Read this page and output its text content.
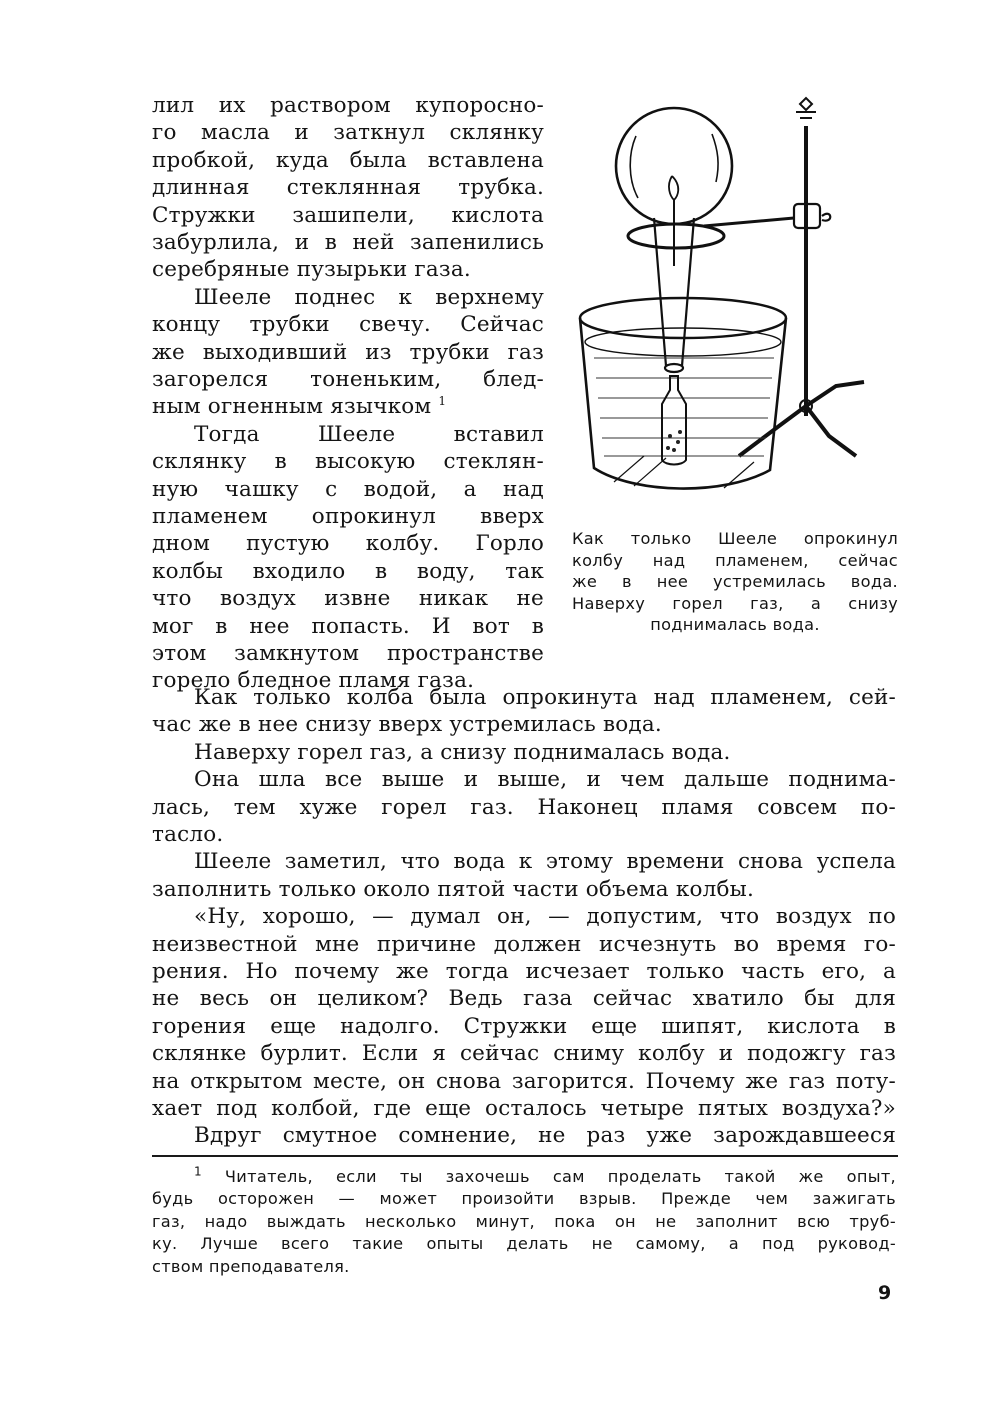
лил их раствором купоросно-
го масла и заткнул склянку
пробкой, куда была вставлена
длинная стеклянная трубка.
Стружки зашипели, кислота
забурлила, и в ней запенились
серебряные пузырьки газа.
Шееле поднес к верхнему
концу трубки свечу. Сейчас
же выходивший из трубки газ
загорелся тоненьким, блед-
ным огненным язычком $^1$
Тогда Шееле вставил
склянку в высокую стеклян-
ную чашку с водой, а над
пламенем опрокинул вверх
дном пустую колбу. Горло
колбы входило в воду, так
что воздух извне никак не
мог в нее попасть. И вот в
этом замкнутом пространстве
горело бледное пламя газа.
Как только Шееле опрокинул
колбу над пламенем, сейчас
же в нее устремилась вода.
Наверху горел газ, а снизу
поднималась вода.
Как только колба была опрокинута над пламенем, сей-
час же в нее снизу вверх устремилась вода.
Наверху горел газ, а снизу поднималась вода.
Она шла все выше и выше, и чем дальше поднима-
лась, тем хуже горел газ. Наконец пламя совсем по-
тасло.
Шееле заметил, что вода к этому времени снова успела
заполнить только около пятой части объема колбы.
«Ну, хорошо, — думал он, — допустим, что воздух по
неизвестной мне причине должен исчезнуть во время го-
рения. Но почему же тогда исчезает только часть его, а
не весь он целиком? Ведь газа сейчас хватило бы для
горения еще надолго. Стружки еще шипят, кислота в
склянке бурлит. Если я сейчас сниму колбу и подожгу газ
на открытом месте, он снова загорится. Почему же газ поту-
хает под колбой, где еще осталось четыре пятых воздуха?»
Вдруг смутное сомнение, не раз уже зарождавшееся
$^1$ Читатель, если ты захочешь сам проделать такой же опыт,
будь осторожен — может произойти взрыв. Прежде чем зажигать
газ, надо выждать несколько минут, пока он не заполнит всю труб-
ку. Лучше всего такие опыты делать не самому, а под руковод-
ством преподавателя.
9
